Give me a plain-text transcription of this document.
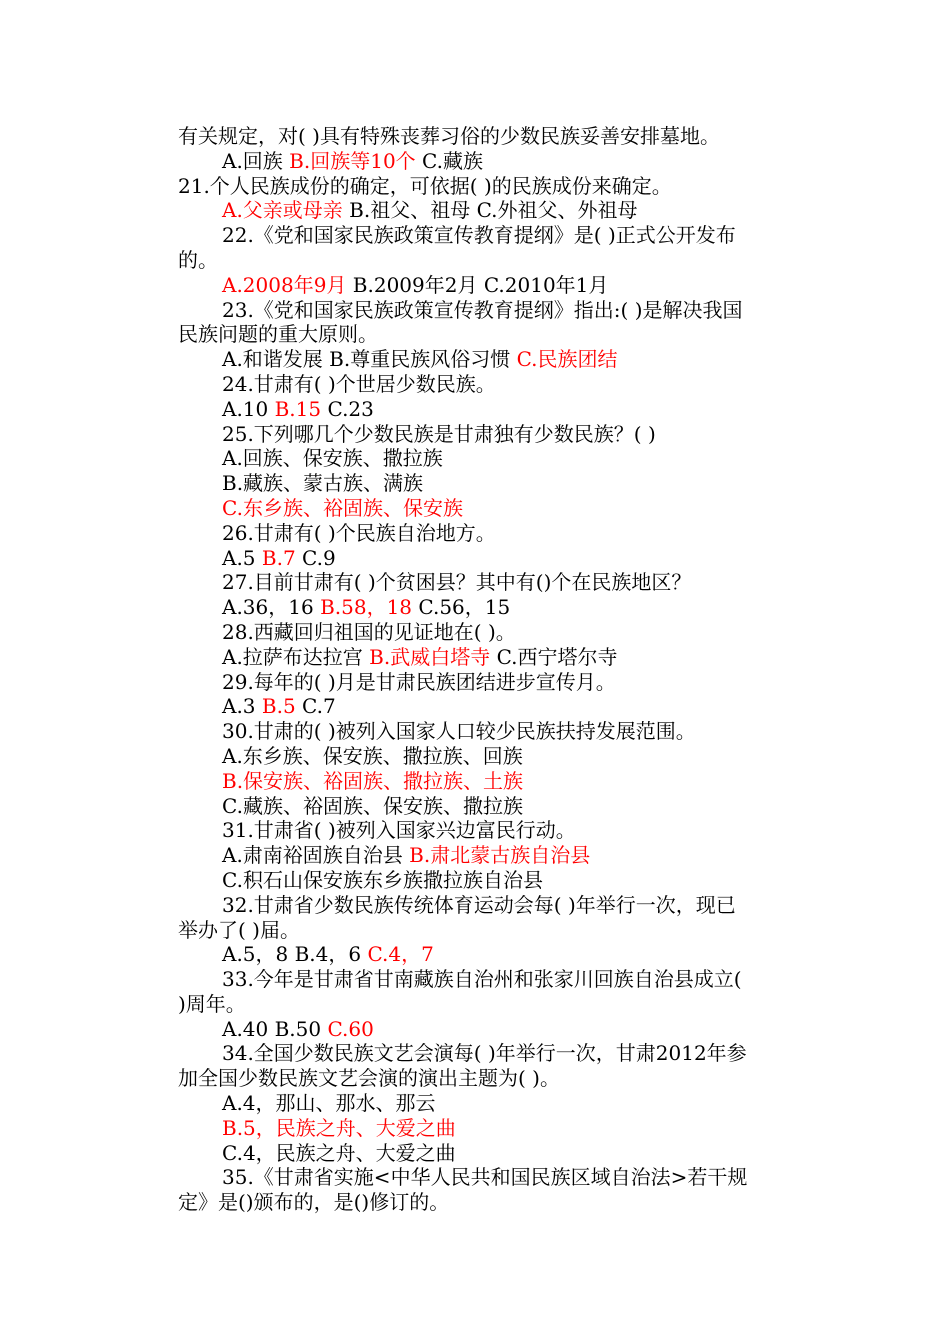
有关规定，对( )具有特殊丧葬习俗的少数民族妥善安排墓地。
A.回族 B.回族等10个 C.藏族
21.个人民族成份的确定，可依据( )的民族成份来确定。
A.父亲或母亲 B.祖父、祖母 C.外祖父、外祖母
22.《党和国家民族政策宣传教育提纲》是( )正式公开发布
的。
A.2008年9月 B.2009年2月 C.2010年1月
23.《党和国家民族政策宣传教育提纲》指出:( )是解决我国
民族问题的重大原则。
A.和谐发展 B.尊重民族风俗习惯 C.民族团结
24.甘肃有( )个世居少数民族。
A.10 B.15 C.23
25.下列哪几个少数民族是甘肃独有少数民族？( )
A.回族、保安族、撒拉族
B.藏族、蒙古族、满族
C.东乡族、裕固族、保安族
26.甘肃有( )个民族自治地方。
A.5 B.7 C.9
27.目前甘肃有( )个贫困县？其中有()个在民族地区？
A.36，16 B.58，18 C.56，15
28.西藏回归祖国的见证地在( )。
A.拉萨布达拉宫 B.武威白塔寺 C.西宁塔尔寺
29.每年的( )月是甘肃民族团结进步宣传月。
A.3 B.5 C.7
30.甘肃的( )被列入国家人口较少民族扶持发展范围。
A.东乡族、保安族、撒拉族、回族
B.保安族、裕固族、撒拉族、土族
C.藏族、裕固族、保安族、撒拉族
31.甘肃省( )被列入国家兴边富民行动。
A.肃南裕固族自治县 B.肃北蒙古族自治县
C.积石山保安族东乡族撒拉族自治县
32.甘肃省少数民族传统体育运动会每( )年举行一次，现已
举办了( )届。
A.5，8 B.4，6 C.4，7
33.今年是甘肃省甘南藏族自治州和张家川回族自治县成立(
)周年。
A.40 B.50 C.60
34.全国少数民族文艺会演每( )年举行一次，甘肃2012年参
加全国少数民族文艺会演的演出主题为( )。
A.4，那山、那水、那云
B.5，民族之舟、大爱之曲
C.4，民族之舟、大爱之曲
35.《甘肃省实施<中华人民共和国民族区域自治法>若干规
定》是()颁布的，是()修订的。
